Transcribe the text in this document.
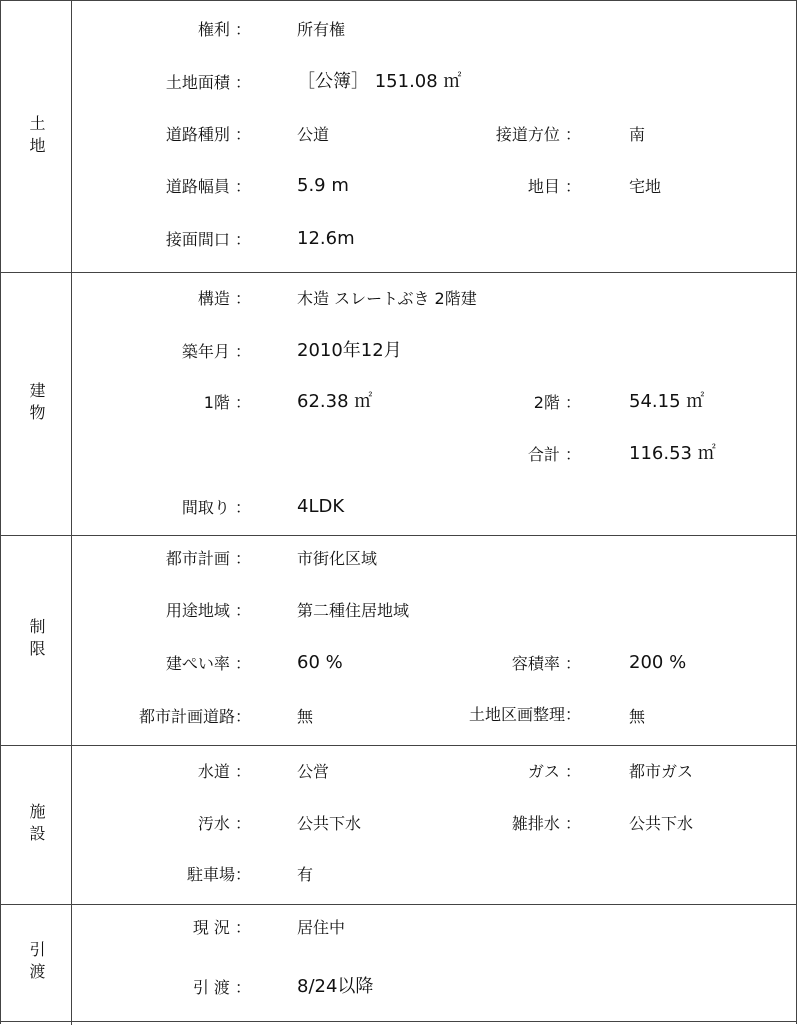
土地
権利 ：	所有権
土地面積 ：	［公簿］ 151.08 ㎡
道路種別 ：	公道	接道方位 ：	南
道路幅員 ：	5.9 m	地目 ：	宅地
接面間口 ：	12.6m
建物
構造 ：	木造 スレートぶき 2階建
築年月 ：	2010年12月
1階 ：	62.38 ㎡	2階 ：	54.15 ㎡
合計 ：	116.53 ㎡
間取り ：	4LDK
制限
都市計画 ：	市街化区域
用途地域 ：	第二種住居地域
建ぺい率 ：	60 %	容積率 ：	200 %
都市計画道路：	無	土地区画整理：	無
施設
水道 ：	公営	ガス ：	都市ガス
汚水 ：	公共下水	雑排水 ：	公共下水
駐車場：	有
引渡
現 況 ：	居住中
引 渡 ：	8/24以降
